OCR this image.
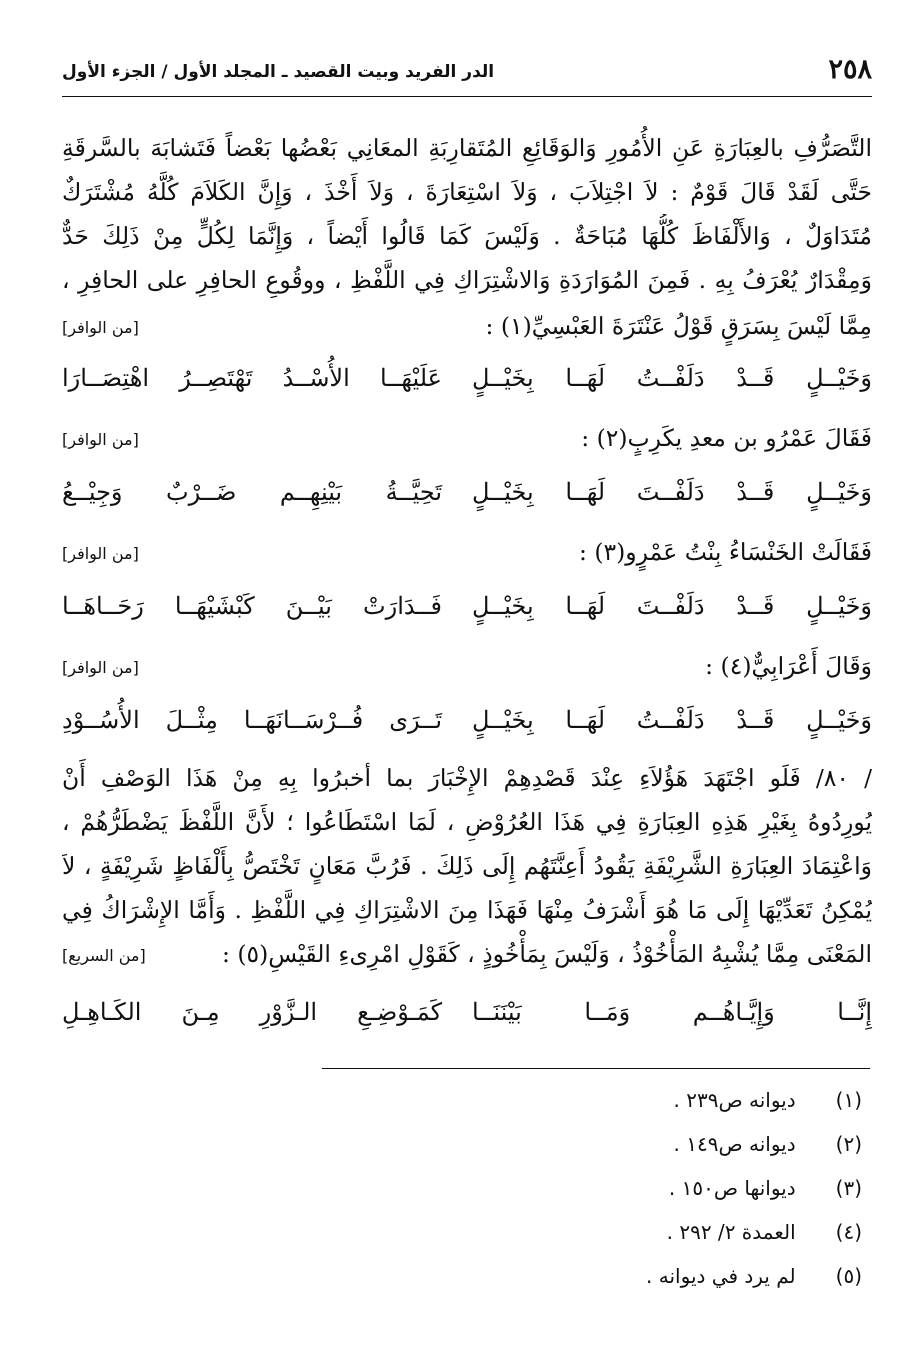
٢٥٨
الدر الفريد وبيت القصيد ـ المجلد الأول / الجزء الأول
التَّصَرُّفِ بالعِبَارَةِ عَنِ الأُمُورِ وَالوَقَائِعِ المُتَقارِبَةِ المعَانِي بَعْضُها بَعْضاً فَتَشابَهَ بالسَّرقَةِ
حَتَّى لَقَدْ قَالَ قَوْمٌ : لاَ اجْتِلاَبَ ، وَلاَ اسْتِعَارَةَ ، وَلاَ أَخْذَ ، وَإِنَّ الكَلاَمَ كُلَّهُ مُشْتَرَكٌ
مُتَدَاوَلٌ ، وَالأَلْفَاظَ كُلُّهَا مُبَاحَةٌ . وَلَيْسَ كَمَا قَالُوا أَيْضاً ، وَإِنَّمَا لِكُلٍّ مِنْ ذَلِكَ حَدٌّ
وَمِقْدَارٌ يُعْرَفُ بِهِ . فَمِنَ المُوَارَدَةِ وَالاشْتِرَاكِ فِي اللَّفْظِ ، ووقُوعِ الحافِرِ على الحافِرِ ،
مِمَّا لَيْسَ بِسَرَقٍ قَوْلُ عَنْتَرَةَ العَبْسِيِّ(١) :
[من الوافر]
وَخَيْــلٍ قَــدْ دَلَفْــتُ لَهَــا بِخَيْــلٍ
عَلَيْهَــا الأُسْــدُ تَهْتَصِــرُ اهْتِصَــارَا
فَقَالَ عَمْرُو بن معدِ يكَرِبٍ(٢) :
[من الوافر]
وَخَيْــلٍ قَــدْ دَلَفْــتَ لَهَــا بِخَيْــلٍ
تَحِيَّــةُ بَيْنِهِــم ضَــرْبٌ وَجِيْــعُ
فَقَالَتْ الخَنْسَاءُ بِنْتُ عَمْرٍو(٣) :
[من الوافر]
وَخَيْــلٍ قَــدْ دَلَفْــتَ لَهَــا بِخَيْــلٍ
فَــدَارَتْ بَيْــنَ كَبْشَيْهَــا رَحَــاهَــا
وَقَالَ أَعْرَابِيٌّ(٤) :
[من الوافر]
وَخَيْــلٍ قَــدْ دَلَفْــتُ لَهَــا بِخَيْــلٍ
تَــرَى فُــرْسَــانَهَــا مِثْــلَ الأُسُــوْدِ
/ ٨٠/ فَلَو اجْتَهَدَ هَؤُلاَءِ عِنْدَ قَصْدِهِمْ الإِخْبَارَ بما أخبرُوا بِهِ مِنْ هَذَا الوَصْفِ أَنْ
يُورِدُوهُ بِغَيْرِ هَذِهِ العِبَارَةِ فِي هَذَا العُرُوْضِ ، لَمَا اسْتَطَاعُوا ؛ لأَنَّ اللَّفْظَ يَضْطَرُّهُمْ ،
وَاعْتِمَادَ العِبَارَةِ الشَّرِيْفَةِ يَقُودُ أَعِنَّتَهُم إِلَى ذَلِكَ . فَرُبَّ مَعَانٍ تَخْتَصُّ بِأَلْفَاظٍ شَرِيْفَةٍ ، لاَ
يُمْكِنُ تَعَدِّيْهَا إِلَى مَا هُوَ أَشْرَفُ مِنْهَا فَهَذَا مِنَ الاشْتِرَاكِ فِي اللَّفْظِ . وَأَمَّا الإِشْرَاكُ فِي
المَعْنَى مِمَّا يُشْبِهُ المَأْخُوْذُ ، وَلَيْسَ بِمَأْخُوذٍ ، كَقَوْلِ امْرِىءِ القَيْسِ(٥) :
[من السريع]
إِنَّــا وَإِيَّـاهُــم وَمَــا بَيْنَنَــا
كَمَـوْضِـعِ الـزَّوْرِ مِـنَ الكَـاهِـلِ
(١) ديوانه ص٢٣٩ .
(٢) ديوانه ص١٤٩ .
(٣) ديوانها ص١٥٠ .
(٤) العمدة ٢/ ٢٩٢ .
(٥) لم يرد في ديوانه .
